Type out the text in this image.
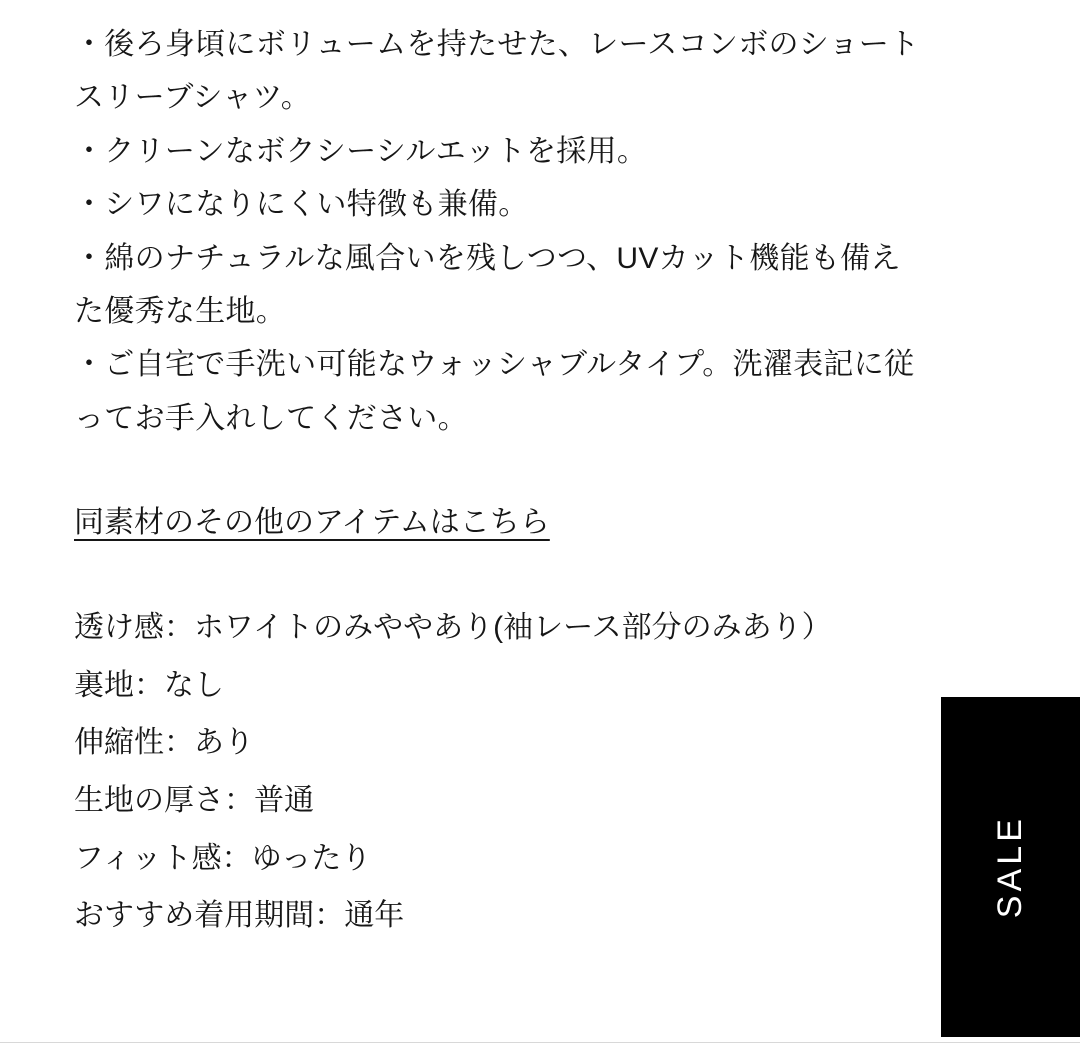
・後ろ身頃にボリュームを持たせた、レースコンボのショート

スリーブシャツ。

・クリーンなボクシーシルエットを採用。

・シワになりにくい特徴も兼備。

・綿のナチュラルな風合いを残しつつ、UVカット機能も備え

た優秀な生地。

・ご自宅で手洗い可能なウォッシャブルタイプ。洗濯表記に従

ってお手入れしてください。

同素材のその他のアイテムはこちら

透け感：ホワイトのみややあり(袖レース部分のみあり）

裏地：なし

伸縮性：あり

生地の厚さ：普通

フィット感：ゆったり

おすすめ着用期間：通年	SALE
